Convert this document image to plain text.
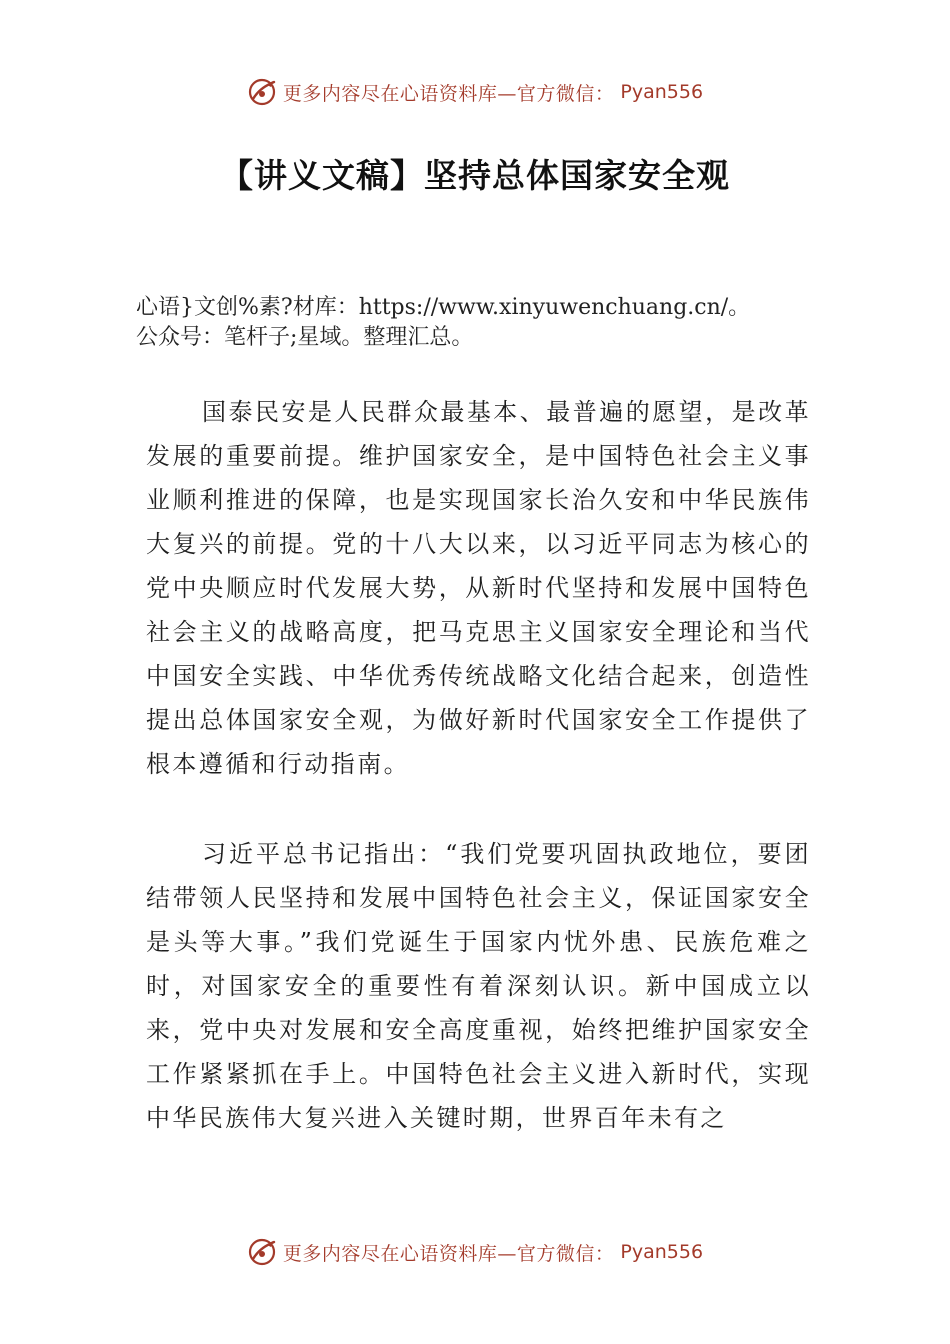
更多内容尽在心语资料库—官方微信： Pyan556
【讲义文稿】坚持总体国家安全观
心语}文创%素?材库：https://www.xinyuwenchuang.cn/。
公众号：笔杆子;星域。整理汇总。

国泰民安是人民群众最基本、最普遍的愿望，是改革发展的重要前提。维护国家安全，是中国特色社会主义事业顺利推进的保障，也是实现国家长治久安和中华民族伟大复兴的前提。党的十八大以来，以习近平同志为核心的党中央顺应时代发展大势，从新时代坚持和发展中国特色社会主义的战略高度，把马克思主义国家安全理论和当代中国安全实践、中华优秀传统战略文化结合起来，创造性提出总体国家安全观，为做好新时代国家安全工作提供了根本遵循和行动指南。

习近平总书记指出：“我们党要巩固执政地位，要团结带领人民坚持和发展中国特色社会主义，保证国家安全是头等大事。”我们党诞生于国家内忧外患、民族危难之时，对国家安全的重要性有着深刻认识。新中国成立以来，党中央对发展和安全高度重视，始终把维护国家安全工作紧紧抓在手上。中国特色社会主义进入新时代，实现中华民族伟大复兴进入关键时期，世界百年未有之

更多内容尽在心语资料库—官方微信： Pyan556
